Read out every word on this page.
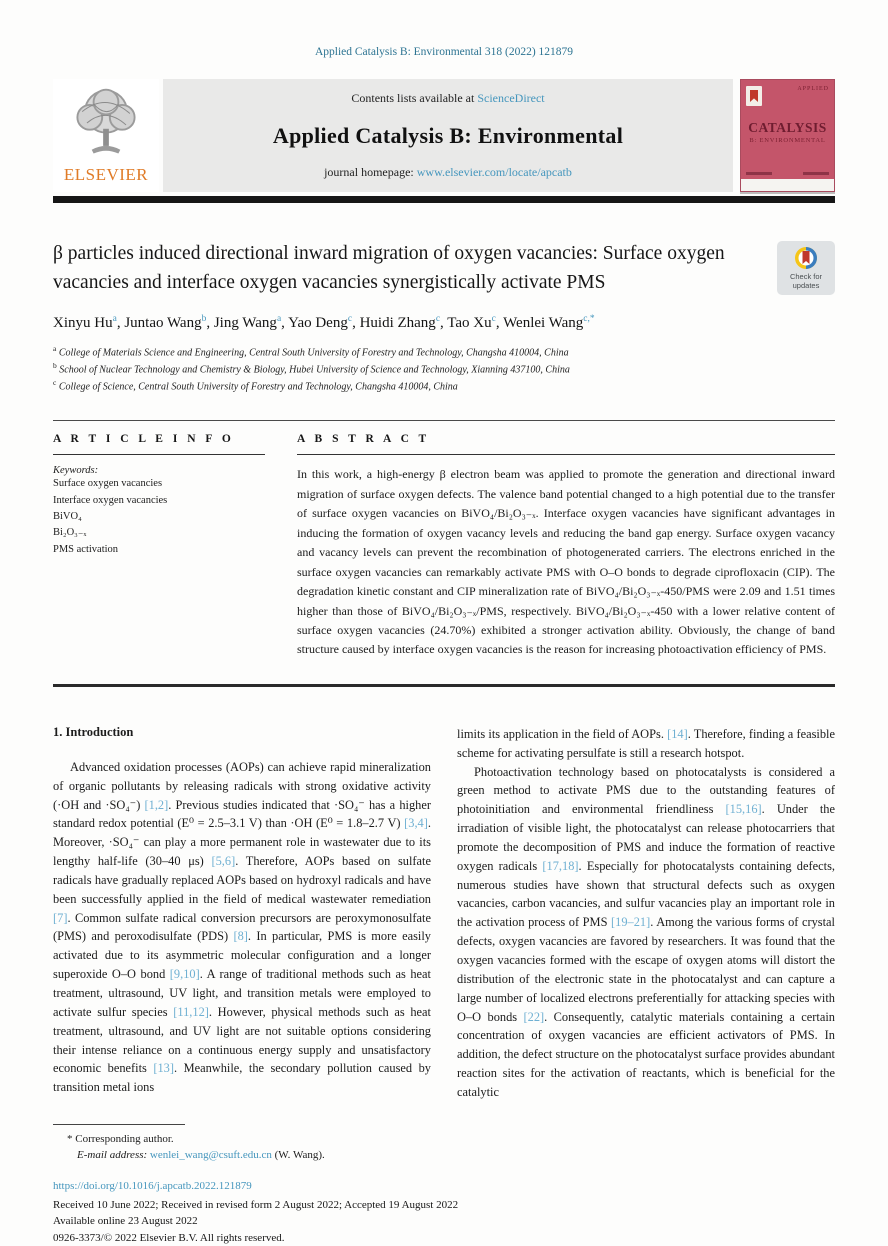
Applied Catalysis B: Environmental 318 (2022) 121879
ELSEVIER
Contents lists available at ScienceDirect
Applied Catalysis B: Environmental
journal homepage: www.elsevier.com/locate/apcatb
APPLIED
CATALYSIS
B: ENVIRONMENTAL
β particles induced directional inward migration of oxygen vacancies: Surface oxygen vacancies and interface oxygen vacancies synergistically activate PMS	Check for updates
Xinyu Hu$^a$, Juntao Wang$^b$, Jing Wang$^a$, Yao Deng$^c$, Huidi Zhang$^c$, Tao Xu$^c$, Wenlei Wang$^{c,*}$
$^a$ College of Materials Science and Engineering, Central South University of Forestry and Technology, Changsha 410004, China
$^b$ School of Nuclear Technology and Chemistry & Biology, Hubei University of Science and Technology, Xianning 437100, China
$^c$ College of Science, Central South University of Forestry and Technology, Changsha 410004, China
A R T I C L E I N F O
Keywords:
Surface oxygen vacancies
Interface oxygen vacancies
BiVO₄
Bi₂O₃₋ₓ
PMS activation
A B S T R A C T
In this work, a high-energy β electron beam was applied to promote the generation and directional inward migration of surface oxygen defects. The valence band potential changed to a high potential due to the transfer of surface oxygen vacancies on BiVO₄/Bi₂O₃₋ₓ. Interface oxygen vacancies have significant advantages in inducing the formation of oxygen vacancy levels and reducing the band gap energy. Surface oxygen vacancy and vacancy levels can prevent the recombination of photogenerated carriers. The electrons enriched in the surface oxygen vacancies can remarkably activate PMS with O–O bonds to degrade ciprofloxacin (CIP). The degradation kinetic constant and CIP mineralization rate of BiVO₄/Bi₂O₃₋ₓ-450/PMS were 2.09 and 1.51 times higher than those of BiVO₄/Bi₂O₃₋ₓ/PMS, respectively. BiVO₄/Bi₂O₃₋ₓ-450 with a lower relative content of surface oxygen vacancies (24.70%) exhibited a stronger activation ability. Obviously, the change of band structure caused by interface oxygen vacancies is the reason for increasing photoactivation efficiency of PMS.
1. Introduction

Advanced oxidation processes (AOPs) can achieve rapid mineralization of organic pollutants by releasing radicals with strong oxidative activity (·OH and ·SO₄⁻) [1,2]. Previous studies indicated that ·SO₄⁻ has a higher standard redox potential (E⁰ = 2.5–3.1 V) than ·OH (E⁰ = 1.8–2.7 V) [3,4]. Moreover, ·SO₄⁻ can play a more permanent role in wastewater due to its lengthy half-life (30–40 μs) [5,6]. Therefore, AOPs based on sulfate radicals have gradually replaced AOPs based on hydroxyl radicals and have been successfully applied in the field of medical wastewater remediation [7]. Common sulfate radical conversion precursors are peroxymonosulfate (PMS) and peroxodisulfate (PDS) [8]. In particular, PMS is more easily activated due to its asymmetric molecular configuration and a longer superoxide O–O bond [9,10]. A range of traditional methods such as heat treatment, ultrasound, UV light, and transition metals were employed to activate sulfur species [11,12]. However, physical methods such as heat treatment, ultrasound, and UV light are not suitable options considering their intense reliance on a continuous energy supply and unsatisfactory economic benefits [13]. Meanwhile, the secondary pollution caused by transition metal ions

limits its application in the field of AOPs. [14]. Therefore, finding a feasible scheme for activating persulfate is still a research hotspot.

Photoactivation technology based on photocatalysts is considered a green method to activate PMS due to the outstanding features of photoinitiation and environmental friendliness [15,16]. Under the irradiation of visible light, the photocatalyst can release photocarriers that promote the decomposition of PMS and induce the formation of reactive oxygen radicals [17,18]. Especially for photocatalysts containing defects, numerous studies have shown that structural defects such as oxygen vacancies, carbon vacancies, and sulfur vacancies play an important role in the activation process of PMS [19–21]. Among the various forms of crystal defects, oxygen vacancies are favored by researchers. It was found that the oxygen vacancies formed with the escape of oxygen atoms will distort the distribution of the electronic state in the photocatalyst and can capture a large number of localized electrons preferentially for attacking species with O–O bonds [22]. Consequently, catalytic materials containing a certain concentration of oxygen vacancies are efficient activators of PMS. In addition, the defect structure on the photocatalyst surface provides abundant reaction sites for the activation of reactants, which is beneficial for the catalytic

* Corresponding author.
E-mail address: wenlei_wang@csuft.edu.cn (W. Wang).
https://doi.org/10.1016/j.apcatb.2022.121879
Received 10 June 2022; Received in revised form 2 August 2022; Accepted 19 August 2022
Available online 23 August 2022
0926-3373/© 2022 Elsevier B.V. All rights reserved.
